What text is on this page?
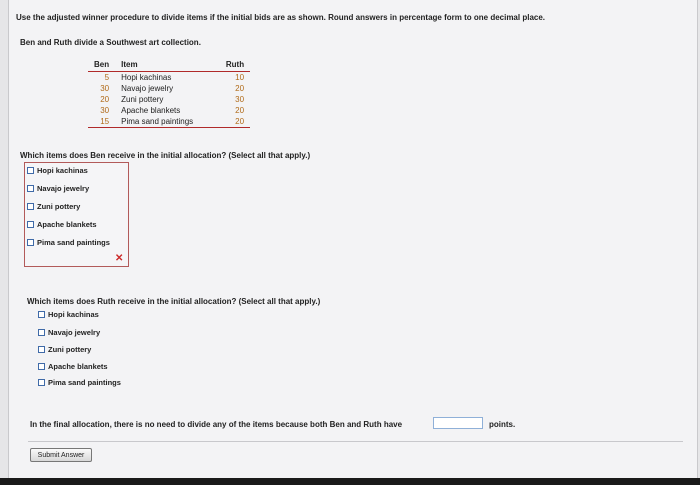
Use the adjusted winner procedure to divide items if the initial bids are as shown. Round answers in percentage form to one decimal place.
Ben and Ruth divide a Southwest art collection.
Ben	Item	Ruth
5	Hopi kachinas	10
30	Navajo jewelry	20
20	Zuni pottery	30
30	Apache blankets	20
15	Pima sand paintings	20
Which items does Ben receive in the initial allocation? (Select all that apply.)
Hopi kachinas
Navajo jewelry
Zuni pottery
Apache blankets
Pima sand paintings
✕
Which items does Ruth receive in the initial allocation? (Select all that apply.)
Hopi kachinas
Navajo jewelry
Zuni pottery
Apache blankets
Pima sand paintings
In the final allocation, there is no need to divide any of the items because both Ben and Ruth have	points.
Submit Answer
